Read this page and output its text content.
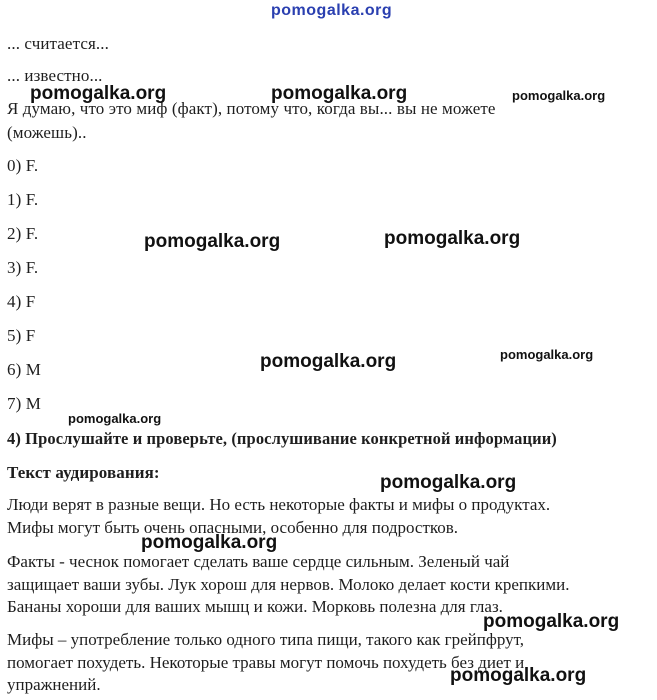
pomogalka.org
... считается...
... известно...
Я думаю, что это миф (факт), потому что, когда вы... вы не можете
(можешь)..
0) F.
1) F.
2) F.
3) F.
4) F
5) F
6) M
7) M
4) Прослушайте и проверьте, (прослушивание конкретной информации)
Текст аудирования:
Люди верят в разные вещи. Но есть некоторые факты и мифы о продуктах.
Мифы могут быть очень опасными, особенно для подростков.
Факты - чеснок помогает сделать ваше сердце сильным. Зеленый чай
защищает ваши зубы. Лук хорош для нервов. Молоко делает кости крепкими.
Бананы хороши для ваших мышц и кожи. Морковь полезна для глаз.
Мифы – употребление только одного типа пищи, такого как грейпфрут,
помогает похудеть. Некоторые травы могут помочь похудеть без диет и
упражнений.
pomogalka.org	pomogalka.org	pomogalka.org
pomogalka.org	pomogalka.org
pomogalka.org	pomogalka.org
pomogalka.org
pomogalka.org
pomogalka.org
pomogalka.org
pomogalka.org
